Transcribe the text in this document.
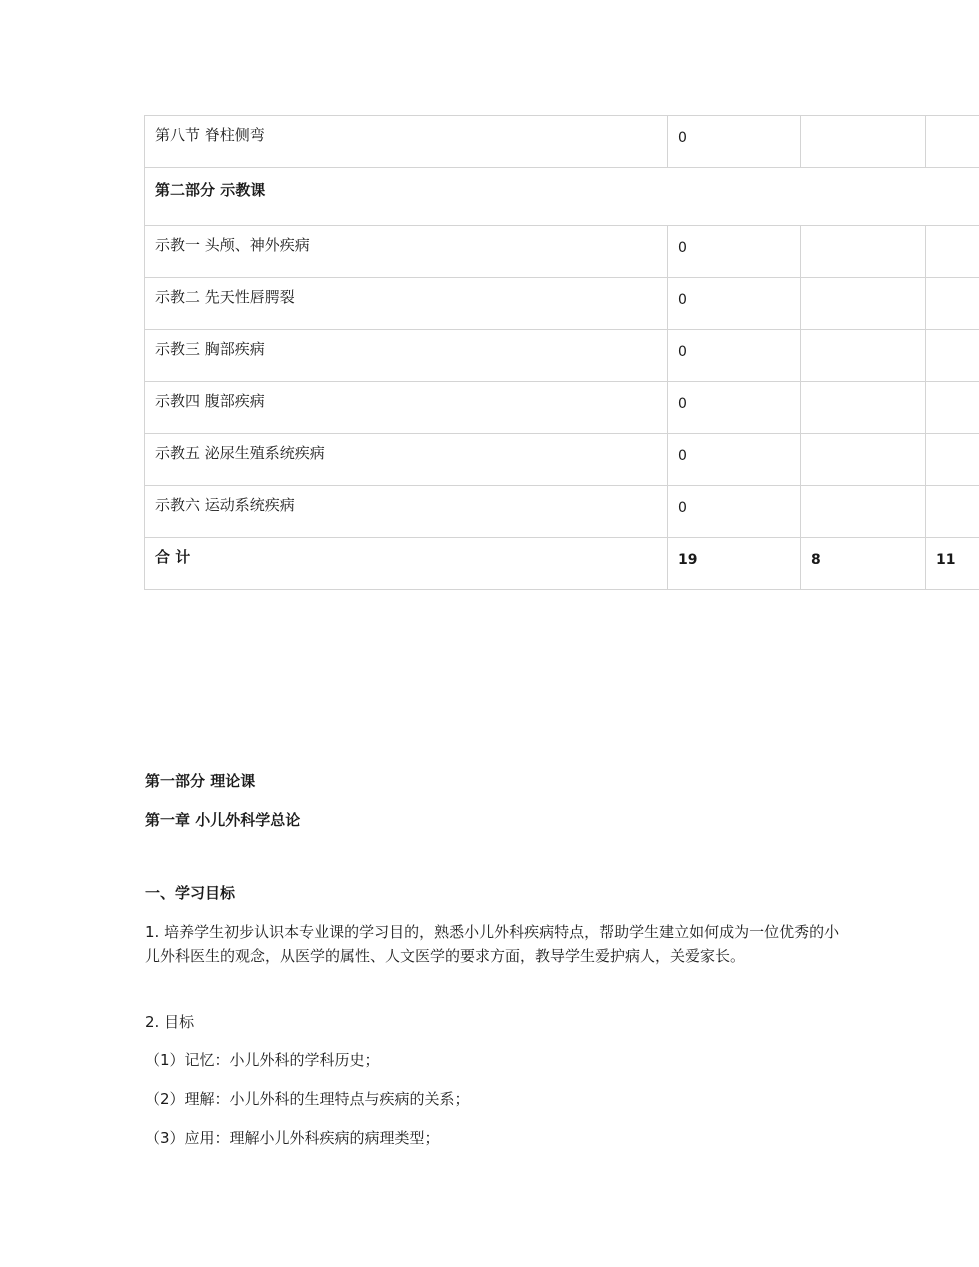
第八节 脊柱侧弯	0		

第二部分 示教课			

示教一 头颅、神外疾病	0		

示教二 先天性唇腭裂	0		

示教三 胸部疾病	0		

示教四 腹部疾病	0		

示教五 泌尿生殖系统疾病	0		

示教六 运动系统疾病	0		

合 计	19	8	11
第一部分 理论课
第一章 小儿外科学总论
一、学习目标
1. 培养学生初步认识本专业课的学习目的，熟悉小儿外科疾病特点，帮助学生建立如何成为一位优秀的小儿外科医生的观念，从医学的属性、人文医学的要求方面，教导学生爱护病人，关爱家长。
2. 目标
（1）记忆：小儿外科的学科历史；
（2）理解：小儿外科的生理特点与疾病的关系；
（3）应用：理解小儿外科疾病的病理类型；
